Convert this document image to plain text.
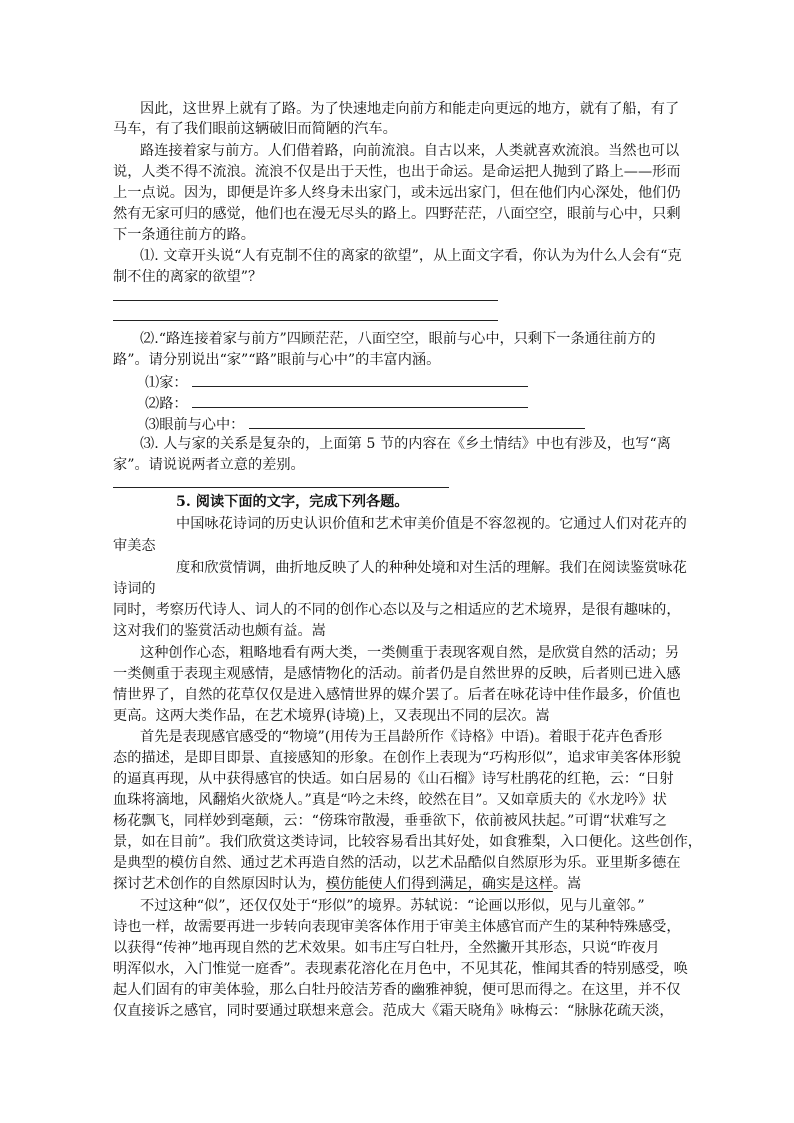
因此，这世界上就有了路。为了快速地走向前方和能走向更远的地方，就有了船，有了
马车，有了我们眼前这辆破旧而简陋的汽车。
路连接着家与前方。人们借着路，向前流浪。自古以来，人类就喜欢流浪。当然也可以
说，人类不得不流浪。流浪不仅是出于天性，也出于命运。是命运把人抛到了路上——形而
上一点说。因为，即便是许多人终身未出家门，或未远出家门，但在他们内心深处，他们仍
然有无家可归的感觉，他们也在漫无尽头的路上。四野茫茫，八面空空，眼前与心中，只剩
下一条通往前方的路。
⑴. 文章开头说“人有克制不住的离家的欲望”，从上面文字看，你认为为什么人会有“克
制不住的离家的欲望”？
⑵.“路连接着家与前方”四顾茫茫，八面空空，眼前与心中，只剩下一条通往前方的
路”。请分别说出“家”“路”眼前与心中”的丰富内涵。
⑴家：
⑵路：
⑶眼前与心中：
⑶. 人与家的关系是复杂的，上面第 5 节的内容在《乡土情结》中也有涉及，也写“离
家”。请说说两者立意的差别。
5. 阅读下面的文字，完成下列各题。
中国咏花诗词的历史认识价值和艺术审美价值是不容忽视的。它通过人们对花卉的
审美态
度和欣赏情调，曲折地反映了人的种种处境和对生活的理解。我们在阅读鉴赏咏花
诗词的
同时，考察历代诗人、词人的不同的创作心态以及与之相适应的艺术境界，是很有趣味的，
这对我们的鉴赏活动也颇有益。嵩
这种创作心态，粗略地看有两大类，一类侧重于表现客观自然，是欣赏自然的活动；另
一类侧重于表现主观感情，是感情物化的活动。前者仍是自然世界的反映，后者则已进入感
情世界了，自然的花草仅仅是进入感情世界的媒介罢了。后者在咏花诗中佳作最多，价值也
更高。这两大类作品，在艺术境界(诗境)上，又表现出不同的层次。嵩
首先是表现感官感受的“物境”(用传为王昌龄所作《诗格》中语)。着眼于花卉色香形
态的描述，是即目即景、直接感知的形象。在创作上表现为“巧构形似”，追求审美客体形貌
的逼真再现，从中获得感官的快适。如白居易的《山石榴》诗写杜鹃花的红艳，云：“日射
血珠将滴地，风翻焰火欲烧人。”真是“吟之未终，皎然在目”。又如章质夫的《水龙吟》状
杨花飘飞，同样妙到毫颠，云：“傍珠帘散漫，垂垂欲下，依前被风扶起。”可谓“状难写之
景，如在目前”。我们欣赏这类诗词，比较容易看出其好处，如食雅梨，入口便化。这些创作，
是典型的模仿自然、通过艺术再造自然的活动，以艺术品酷似自然原形为乐。亚里斯多德在
探讨艺术创作的自然原因时认为，模仿能使人们得到满足，确实是这样。嵩
不过这种“似”，还仅仅处于“形似”的境界。苏轼说：“论画以形似，见与儿童邻。”
诗也一样，故需要再进一步转向表现审美客体作用于审美主体感官而产生的某种特殊感受，
以获得“传神”地再现自然的艺术效果。如韦庄写白牡丹，全然撇开其形态，只说“昨夜月
明浑似水，入门惟觉一庭香”。表现素花溶化在月色中，不见其花，惟闻其香的特别感受，唤
起人们固有的审美体验，那么白牡丹皎洁芳香的幽雅神貌，便可思而得之。在这里，并不仅
仅直接诉之感官，同时要通过联想来意会。范成大《霜天晓角》咏梅云：“脉脉花疏天淡，
